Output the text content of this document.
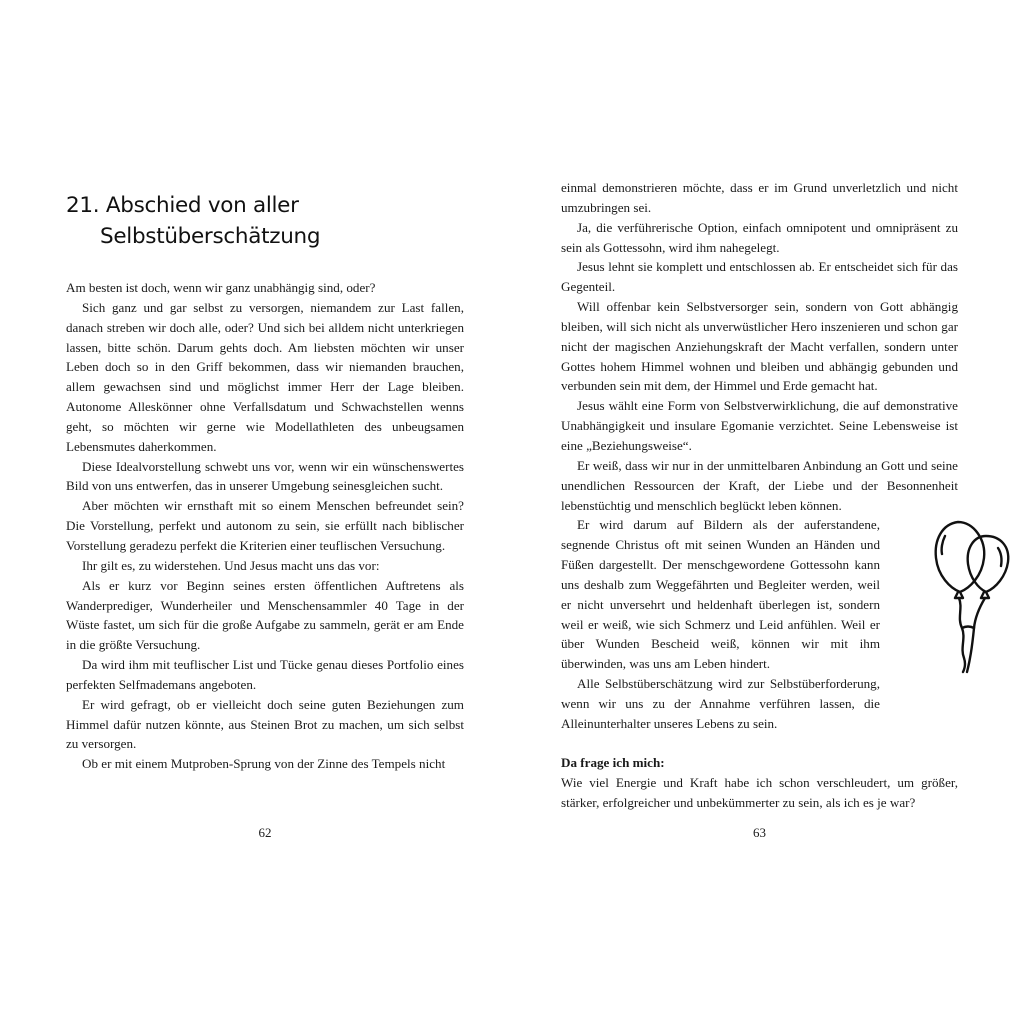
21. Abschied von aller
Selbstüberschätzung

Am besten ist doch, wenn wir ganz unabhängig sind, oder?

Sich ganz und gar selbst zu versorgen, niemandem zur Last fallen, danach streben wir doch alle, oder? Und sich bei alldem nicht unterkriegen lassen, bitte schön. Darum gehts doch. Am liebsten möchten wir unser Leben doch so in den Griff bekommen, dass wir niemanden brauchen, allem gewachsen sind und möglichst immer Herr der Lage bleiben. Autonome Alleskönner ohne Verfallsdatum und Schwachstellen wenns geht, so möchten wir gerne wie Modellathleten des unbeugsamen Lebensmutes daherkommen.

Diese Idealvorstellung schwebt uns vor, wenn wir ein wünschenswertes Bild von uns entwerfen, das in unserer Umgebung seinesgleichen sucht.

Aber möchten wir ernsthaft mit so einem Menschen befreundet sein? Die Vorstellung, perfekt und autonom zu sein, sie erfüllt nach biblischer Vorstellung geradezu perfekt die Kriterien einer teuflischen Versuchung.

Ihr gilt es, zu widerstehen. Und Jesus macht uns das vor:

Als er kurz vor Beginn seines ersten öffentlichen Auftretens als Wanderprediger, Wunderheiler und Menschensammler 40 Tage in der Wüste fastet, um sich für die große Aufgabe zu sammeln, gerät er am Ende in die größte Versuchung.

Da wird ihm mit teuflischer List und Tücke genau dieses Portfolio eines perfekten Selfmademans angeboten.

Er wird gefragt, ob er vielleicht doch seine guten Beziehungen zum Himmel dafür nutzen könnte, aus Steinen Brot zu machen, um sich selbst zu versorgen.

Ob er mit einem Mutproben-Sprung von der Zinne des Tempels nicht

62

einmal demonstrieren möchte, dass er im Grund unverletzlich und nicht umzubringen sei.

Ja, die verführerische Option, einfach omnipotent und omnipräsent zu sein als Gottessohn, wird ihm nahegelegt.

Jesus lehnt sie komplett und entschlossen ab. Er entscheidet sich für das Gegenteil.

Will offenbar kein Selbstversorger sein, sondern von Gott abhängig bleiben, will sich nicht als unverwüstlicher Hero inszenieren und schon gar nicht der magischen Anziehungskraft der Macht verfallen, sondern unter Gottes hohem Himmel wohnen und bleiben und abhängig gebunden und verbunden sein mit dem, der Himmel und Erde gemacht hat.

Jesus wählt eine Form von Selbstverwirklichung, die auf demonstrative Unabhängigkeit und insulare Egomanie verzichtet. Seine Lebensweise ist eine „Beziehungsweise“.

Er weiß, dass wir nur in der unmittelbaren Anbindung an Gott und seine unendlichen Ressourcen der Kraft, der Liebe und der Besonnenheit lebenstüchtig und menschlich beglückt leben können.

Er wird darum auf Bildern als der auferstandene, segnende Christus oft mit seinen Wunden an Händen und Füßen dargestellt. Der menschgewordene Gottessohn kann uns deshalb zum Weggefährten und Begleiter werden, weil er nicht unversehrt und heldenhaft überlegen ist, sondern weil er weiß, wie sich Schmerz und Leid anfühlen. Weil er über Wunden Bescheid weiß, können wir mit ihm überwinden, was uns am Leben hindert.

Alle Selbstüberschätzung wird zur Selbstüberforderung, wenn wir uns zu der Annahme verführen lassen, die Alleinunterhalter unseres Lebens zu sein.

Da frage ich mich:

Wie viel Energie und Kraft habe ich schon verschleudert, um größer, stärker, erfolgreicher und unbekümmerter zu sein, als ich es je war?

63
